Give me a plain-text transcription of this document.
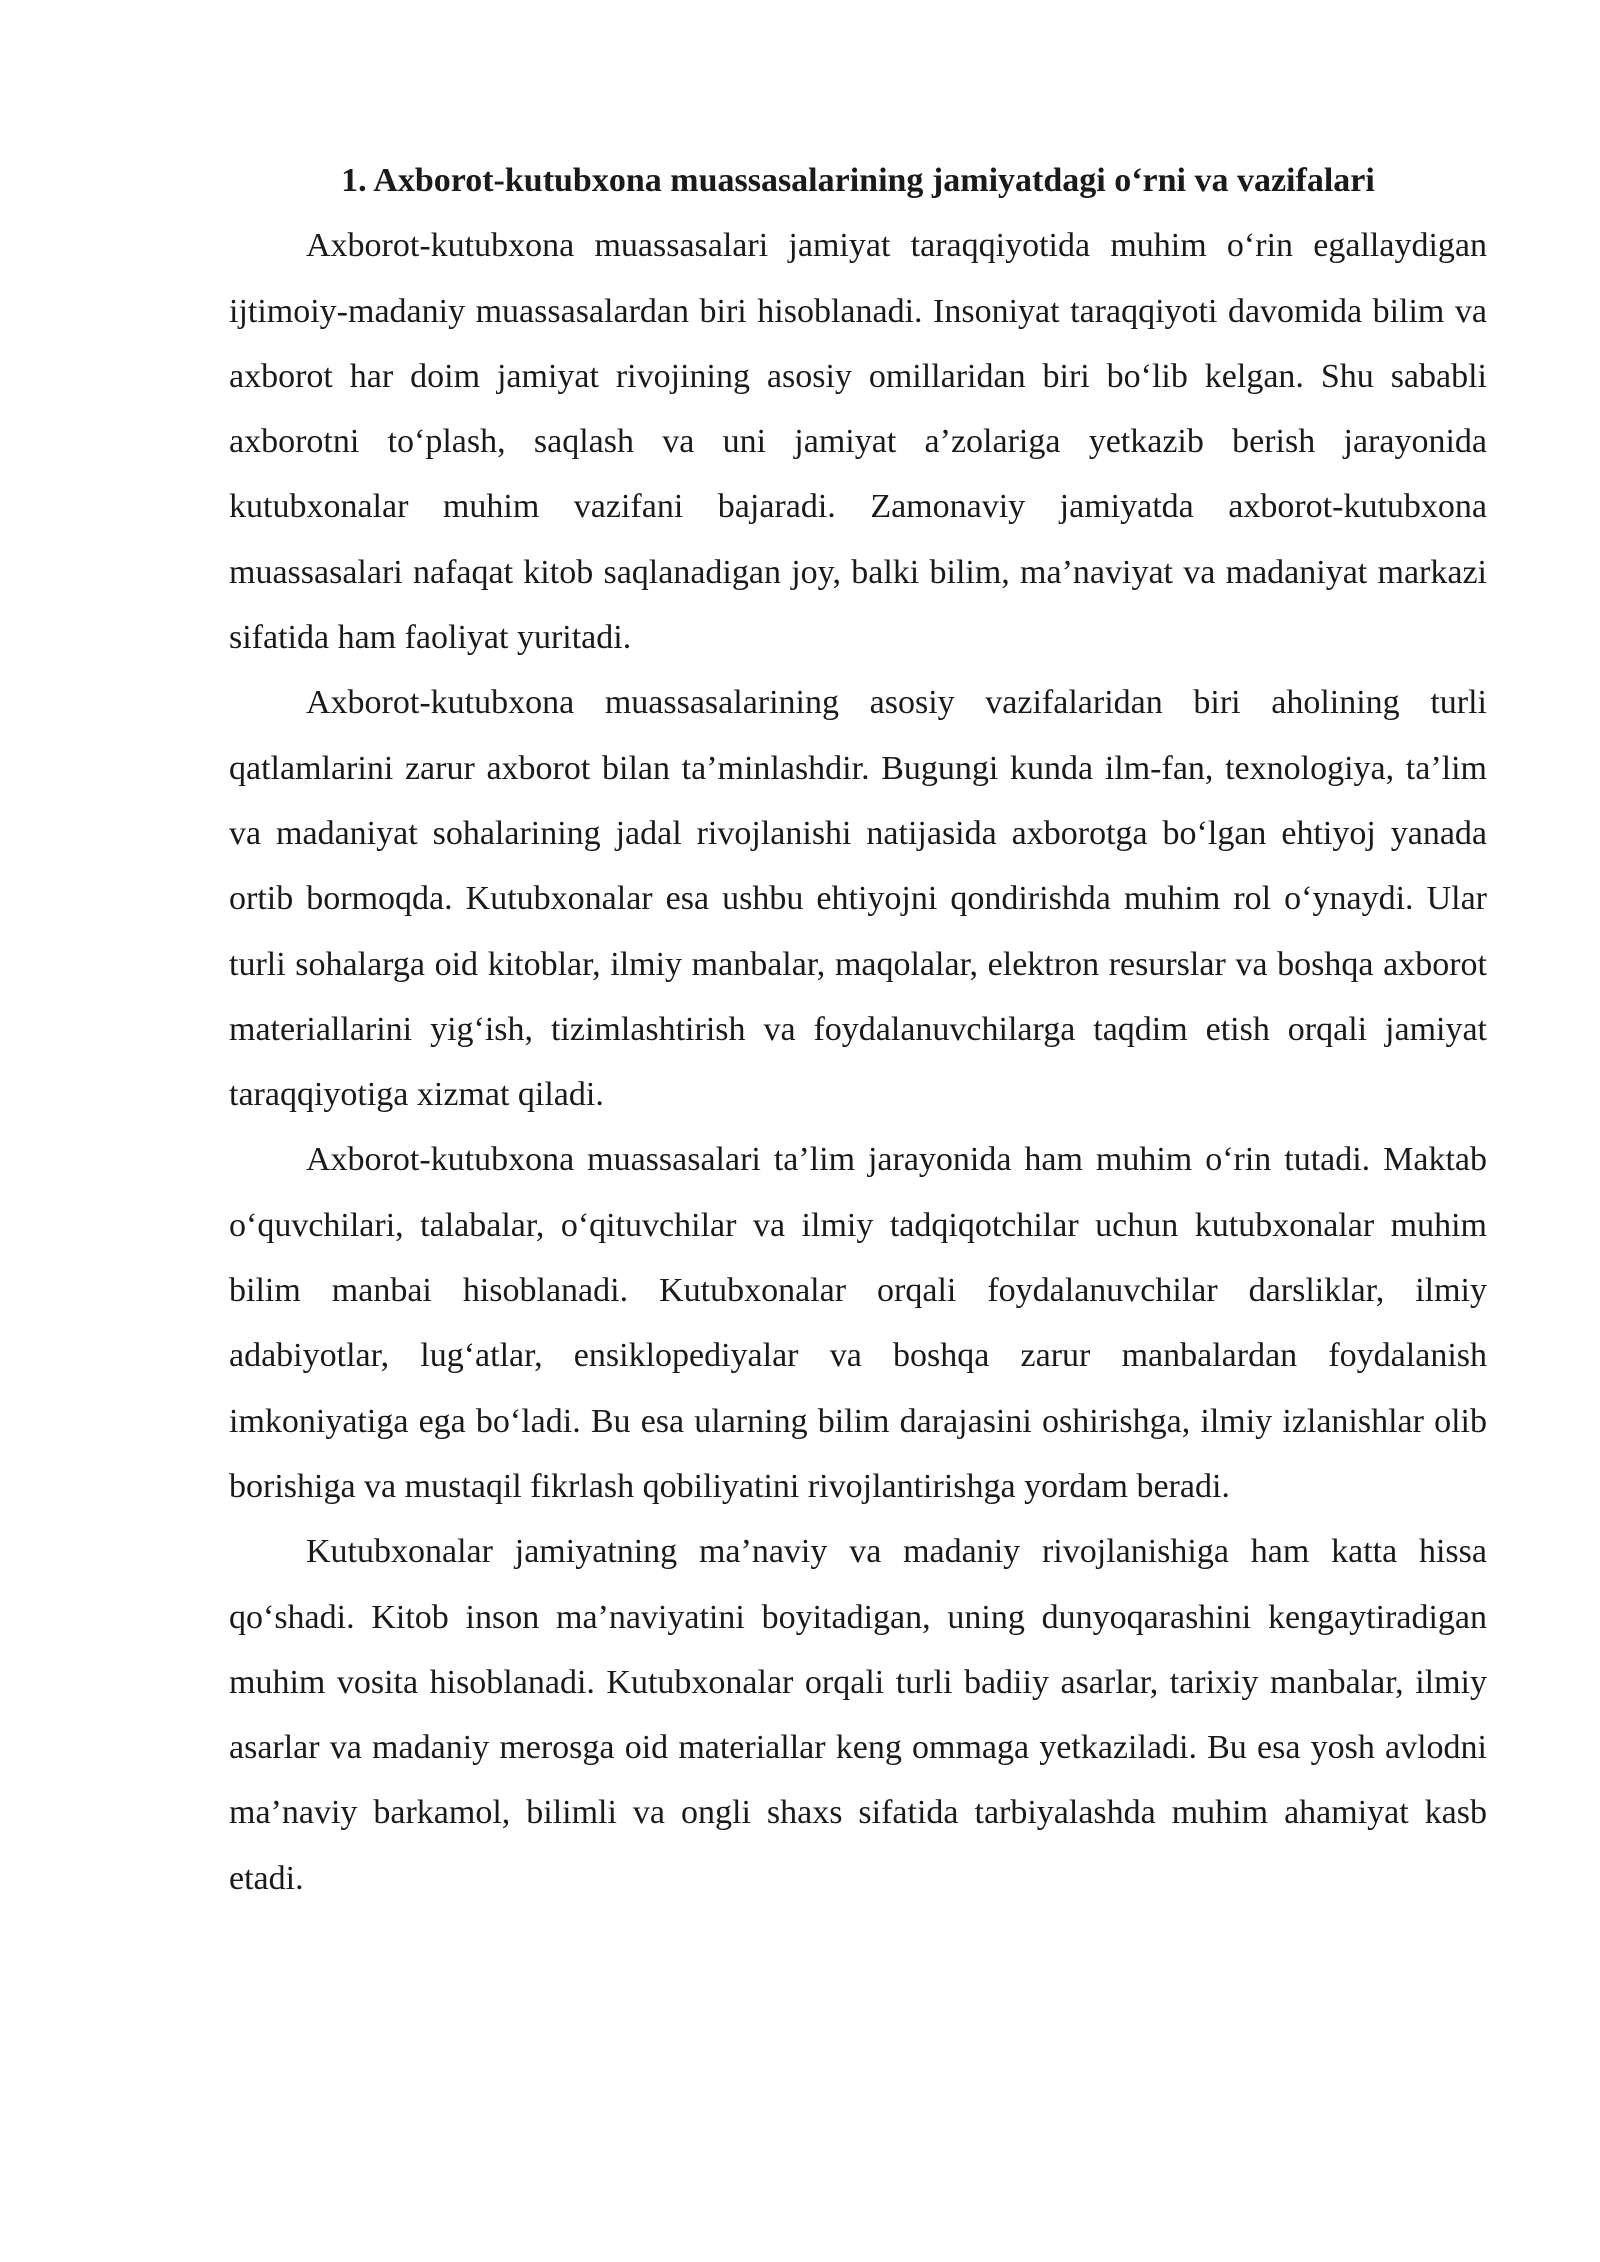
1. Axborot-kutubxona muassasalarining jamiyatdagi o‘rni va vazifalari

Axborot-kutubxona muassasalari jamiyat taraqqiyotida muhim o‘rin egallaydigan ijtimoiy-madaniy muassasalardan biri hisoblanadi. Insoniyat taraqqiyoti davomida bilim va axborot har doim jamiyat rivojining asosiy omillaridan biri bo‘lib kelgan. Shu sababli axborotni to‘plash, saqlash va uni jamiyat a’zolariga yetkazib berish jarayonida kutubxonalar muhim vazifani bajaradi. Zamonaviy jamiyatda axborot-kutubxona muassasalari nafaqat kitob saqlanadigan joy, balki bilim, ma’naviyat va madaniyat markazi sifatida ham faoliyat yuritadi.

Axborot-kutubxona muassasalarining asosiy vazifalaridan biri aholining turli qatlamlarini zarur axborot bilan ta’minlashdir. Bugungi kunda ilm-fan, texnologiya, ta’lim va madaniyat sohalarining jadal rivojlanishi natijasida axborotga bo‘lgan ehtiyoj yanada ortib bormoqda. Kutubxonalar esa ushbu ehtiyojni qondirishda muhim rol o‘ynaydi. Ular turli sohalarga oid kitoblar, ilmiy manbalar, maqolalar, elektron resurslar va boshqa axborot materiallarini yig‘ish, tizimlashtirish va foydalanuvchilarga taqdim etish orqali jamiyat taraqqiyotiga xizmat qiladi.

Axborot-kutubxona muassasalari ta’lim jarayonida ham muhim o‘rin tutadi. Maktab o‘quvchilari, talabalar, o‘qituvchilar va ilmiy tadqiqotchilar uchun kutubxonalar muhim bilim manbai hisoblanadi. Kutubxonalar orqali foydalanuvchilar darsliklar, ilmiy adabiyotlar, lug‘atlar, ensiklopediyalar va boshqa zarur manbalardan foydalanish imkoniyatiga ega bo‘ladi. Bu esa ularning bilim darajasini oshirishga, ilmiy izlanishlar olib borishiga va mustaqil fikrlash qobiliyatini rivojlantirishga yordam beradi.

Kutubxonalar jamiyatning ma’naviy va madaniy rivojlanishiga ham katta hissa qo‘shadi. Kitob inson ma’naviyatini boyitadigan, uning dunyoqarashini kengaytiradigan muhim vosita hisoblanadi. Kutubxonalar orqali turli badiiy asarlar, tarixiy manbalar, ilmiy asarlar va madaniy merosga oid materiallar keng ommaga yetkaziladi. Bu esa yosh avlodni ma’naviy barkamol, bilimli va ongli shaxs sifatida tarbiyalashda muhim ahamiyat kasb etadi.
